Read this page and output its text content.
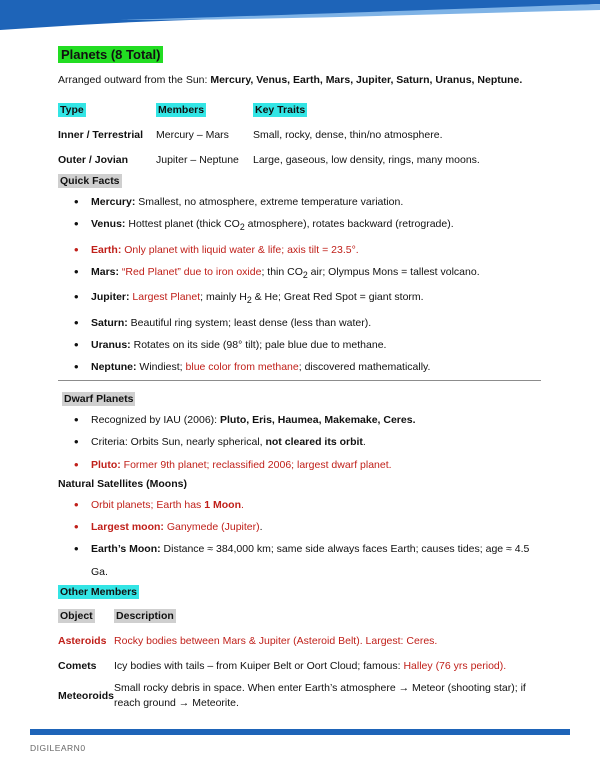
Planets (8 Total)
Arranged outward from the Sun: Mercury, Venus, Earth, Mars, Jupiter, Saturn, Uranus, Neptune.
Type	Members	Key Traits
Inner / Terrestrial	Mercury – Mars	Small, rocky, dense, thin/no atmosphere.
Outer / Jovian	Jupiter – Neptune	Large, gaseous, low density, rings, many moons.
Quick Facts
• Mercury: Smallest, no atmosphere, extreme temperature variation.
• Venus: Hottest planet (thick $CO_2$ atmosphere), rotates backward (retrograde).
• Earth: Only planet with liquid water & life; axis tilt = 23.5°.
• Mars: “Red Planet” due to iron oxide; thin $CO_2$ air; Olympus Mons = tallest volcano.
• Jupiter: Largest Planet; mainly $H_2$ & He; Great Red Spot = giant storm.
• Saturn: Beautiful ring system; least dense (less than water).
• Uranus: Rotates on its side (98° tilt); pale blue due to methane.
• Neptune: Windiest; blue color from methane; discovered mathematically.
Dwarf Planets
• Recognized by IAU (2006): Pluto, Eris, Haumea, Makemake, Ceres.
• Criteria: Orbits Sun, nearly spherical, not cleared its orbit.
• Pluto: Former 9th planet; reclassified 2006; largest dwarf planet.
Natural Satellites (Moons)
• Orbit planets; Earth has 1 Moon.
• Largest moon: Ganymede (Jupiter).
• Earth’s Moon: Distance ≈ 384,000 km; same side always faces Earth; causes tides; age ≈ 4.5 Ga.
Other Members
Object	Description
Asteroids	Rocky bodies between Mars & Jupiter (Asteroid Belt). Largest: Ceres.
Comets	Icy bodies with tails – from Kuiper Belt or Oort Cloud; famous: Halley (76 yrs period).
Meteoroids	Small rocky debris in space. When enter Earth’s atmosphere → Meteor (shooting star); if reach ground → Meteorite.
DIGILEARN0
